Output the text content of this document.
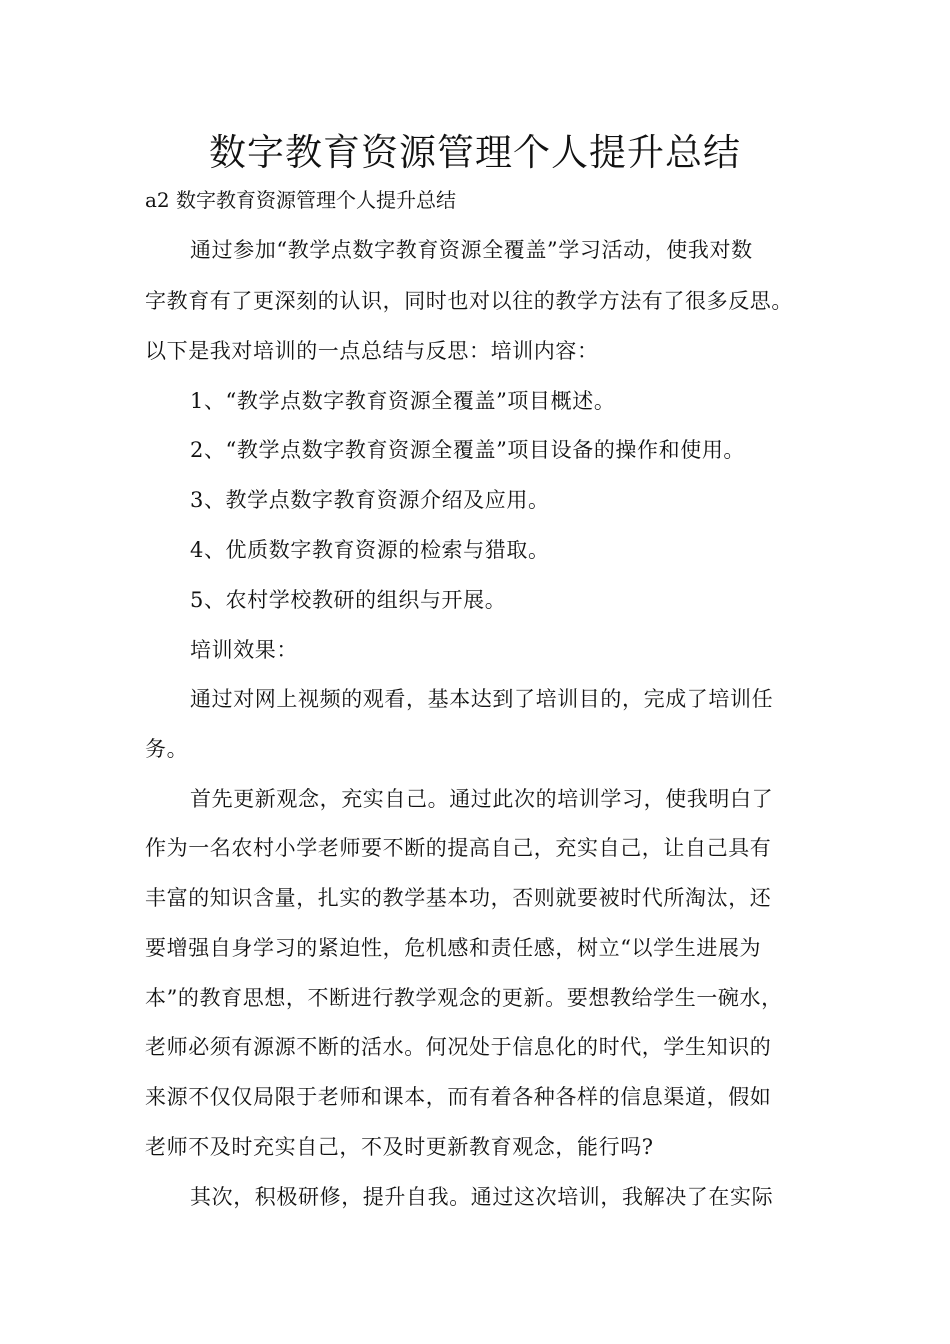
数字教育资源管理个人提升总结
a2 数字教育资源管理个人提升总结
通过参加“教学点数字教育资源全覆盖”学习活动，使我对数
字教育有了更深刻的认识，同时也对以往的教学方法有了很多反思。
以下是我对培训的一点总结与反思：培训内容：
1、“教学点数字教育资源全覆盖”项目概述。
2、“教学点数字教育资源全覆盖”项目设备的操作和使用。
3、教学点数字教育资源介绍及应用。
4、优质数字教育资源的检索与猎取。
5、农村学校教研的组织与开展。
培训效果：
通过对网上视频的观看，基本达到了培训目的，完成了培训任
务。
首先更新观念，充实自己。通过此次的培训学习，使我明白了
作为一名农村小学老师要不断的提高自己，充实自己，让自己具有
丰富的知识含量，扎实的教学基本功，否则就要被时代所淘汰，还
要增强自身学习的紧迫性，危机感和责任感，树立“以学生进展为
本”的教育思想，不断进行教学观念的更新。要想教给学生一碗水，
老师必须有源源不断的活水。何况处于信息化的时代，学生知识的
来源不仅仅局限于老师和课本，而有着各种各样的信息渠道，假如
老师不及时充实自己，不及时更新教育观念，能行吗?
其次，积极研修，提升自我。通过这次培训，我解决了在实际
